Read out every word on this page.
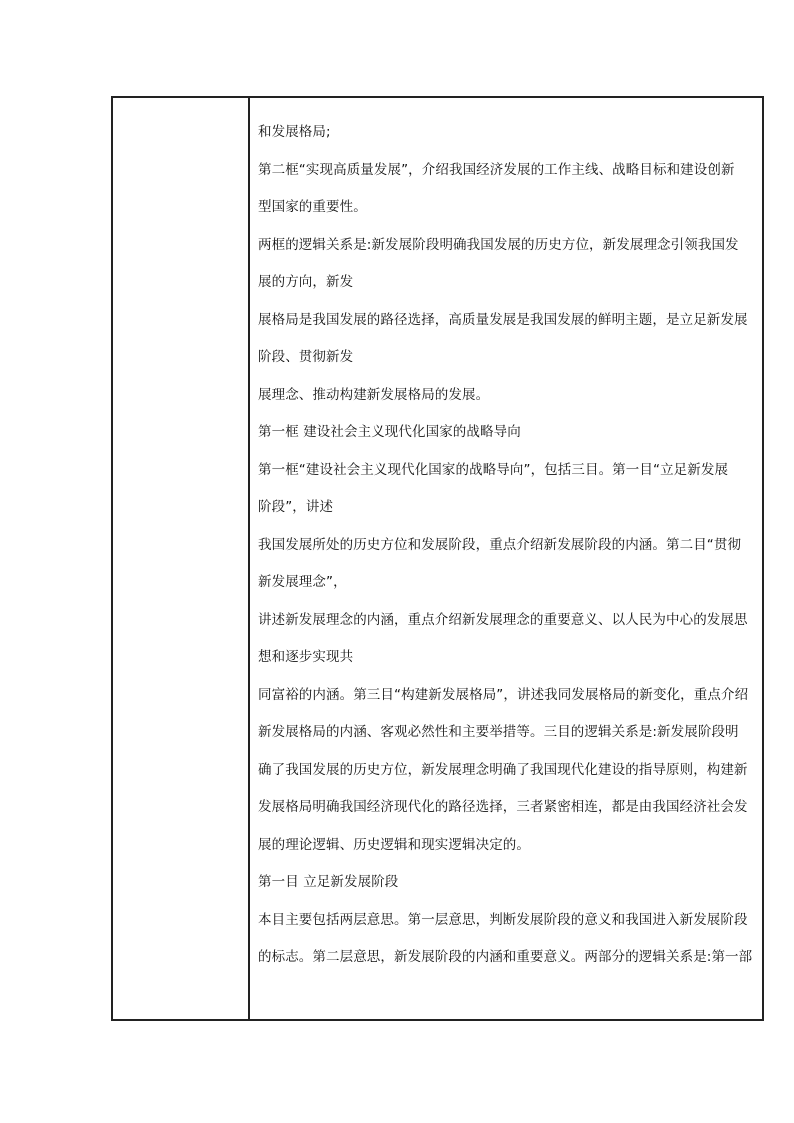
和发展格局;
第二框“实现高质量发展”，介绍我国经济发展的工作主线、战略目标和建设创新
型国家的重要性。
两框的逻辑关系是:新发展阶段明确我国发展的历史方位，新发展理念引领我国发
展的方向，新发
展格局是我国发展的路径选择，高质量发展是我国发展的鲜明主题，是立足新发展
阶段、贯彻新发
展理念、推动构建新发展格局的发展。
第一框 建设社会主义现代化国家的战略导向
第一框“建设社会主义现代化国家的战略导向”，包括三目。第一目“立足新发展
阶段”，讲述
我国发展所处的历史方位和发展阶段，重点介绍新发展阶段的内涵。第二目“贯彻
新发展理念”，
讲述新发展理念的内涵，重点介绍新发展理念的重要意义、以人民为中心的发展思
想和逐步实现共
同富裕的内涵。第三目“构建新发展格局”，讲述我同发展格局的新变化，重点介绍
新发展格局的内涵、客观必然性和主要举措等。三目的逻辑关系是:新发展阶段明
确了我国发展的历史方位，新发展理念明确了我国现代化建设的指导原则，构建新
发展格局明确我国经济现代化的路径选择，三者紧密相连，都是由我国经济社会发
展的理论逻辑、历史逻辑和现实逻辑决定的。
第一目 立足新发展阶段
本目主要包括两层意思。第一层意思，判断发展阶段的意义和我国进入新发展阶段
的标志。第二层意思，新发展阶段的内涵和重要意义。两部分的逻辑关系是:第一部
